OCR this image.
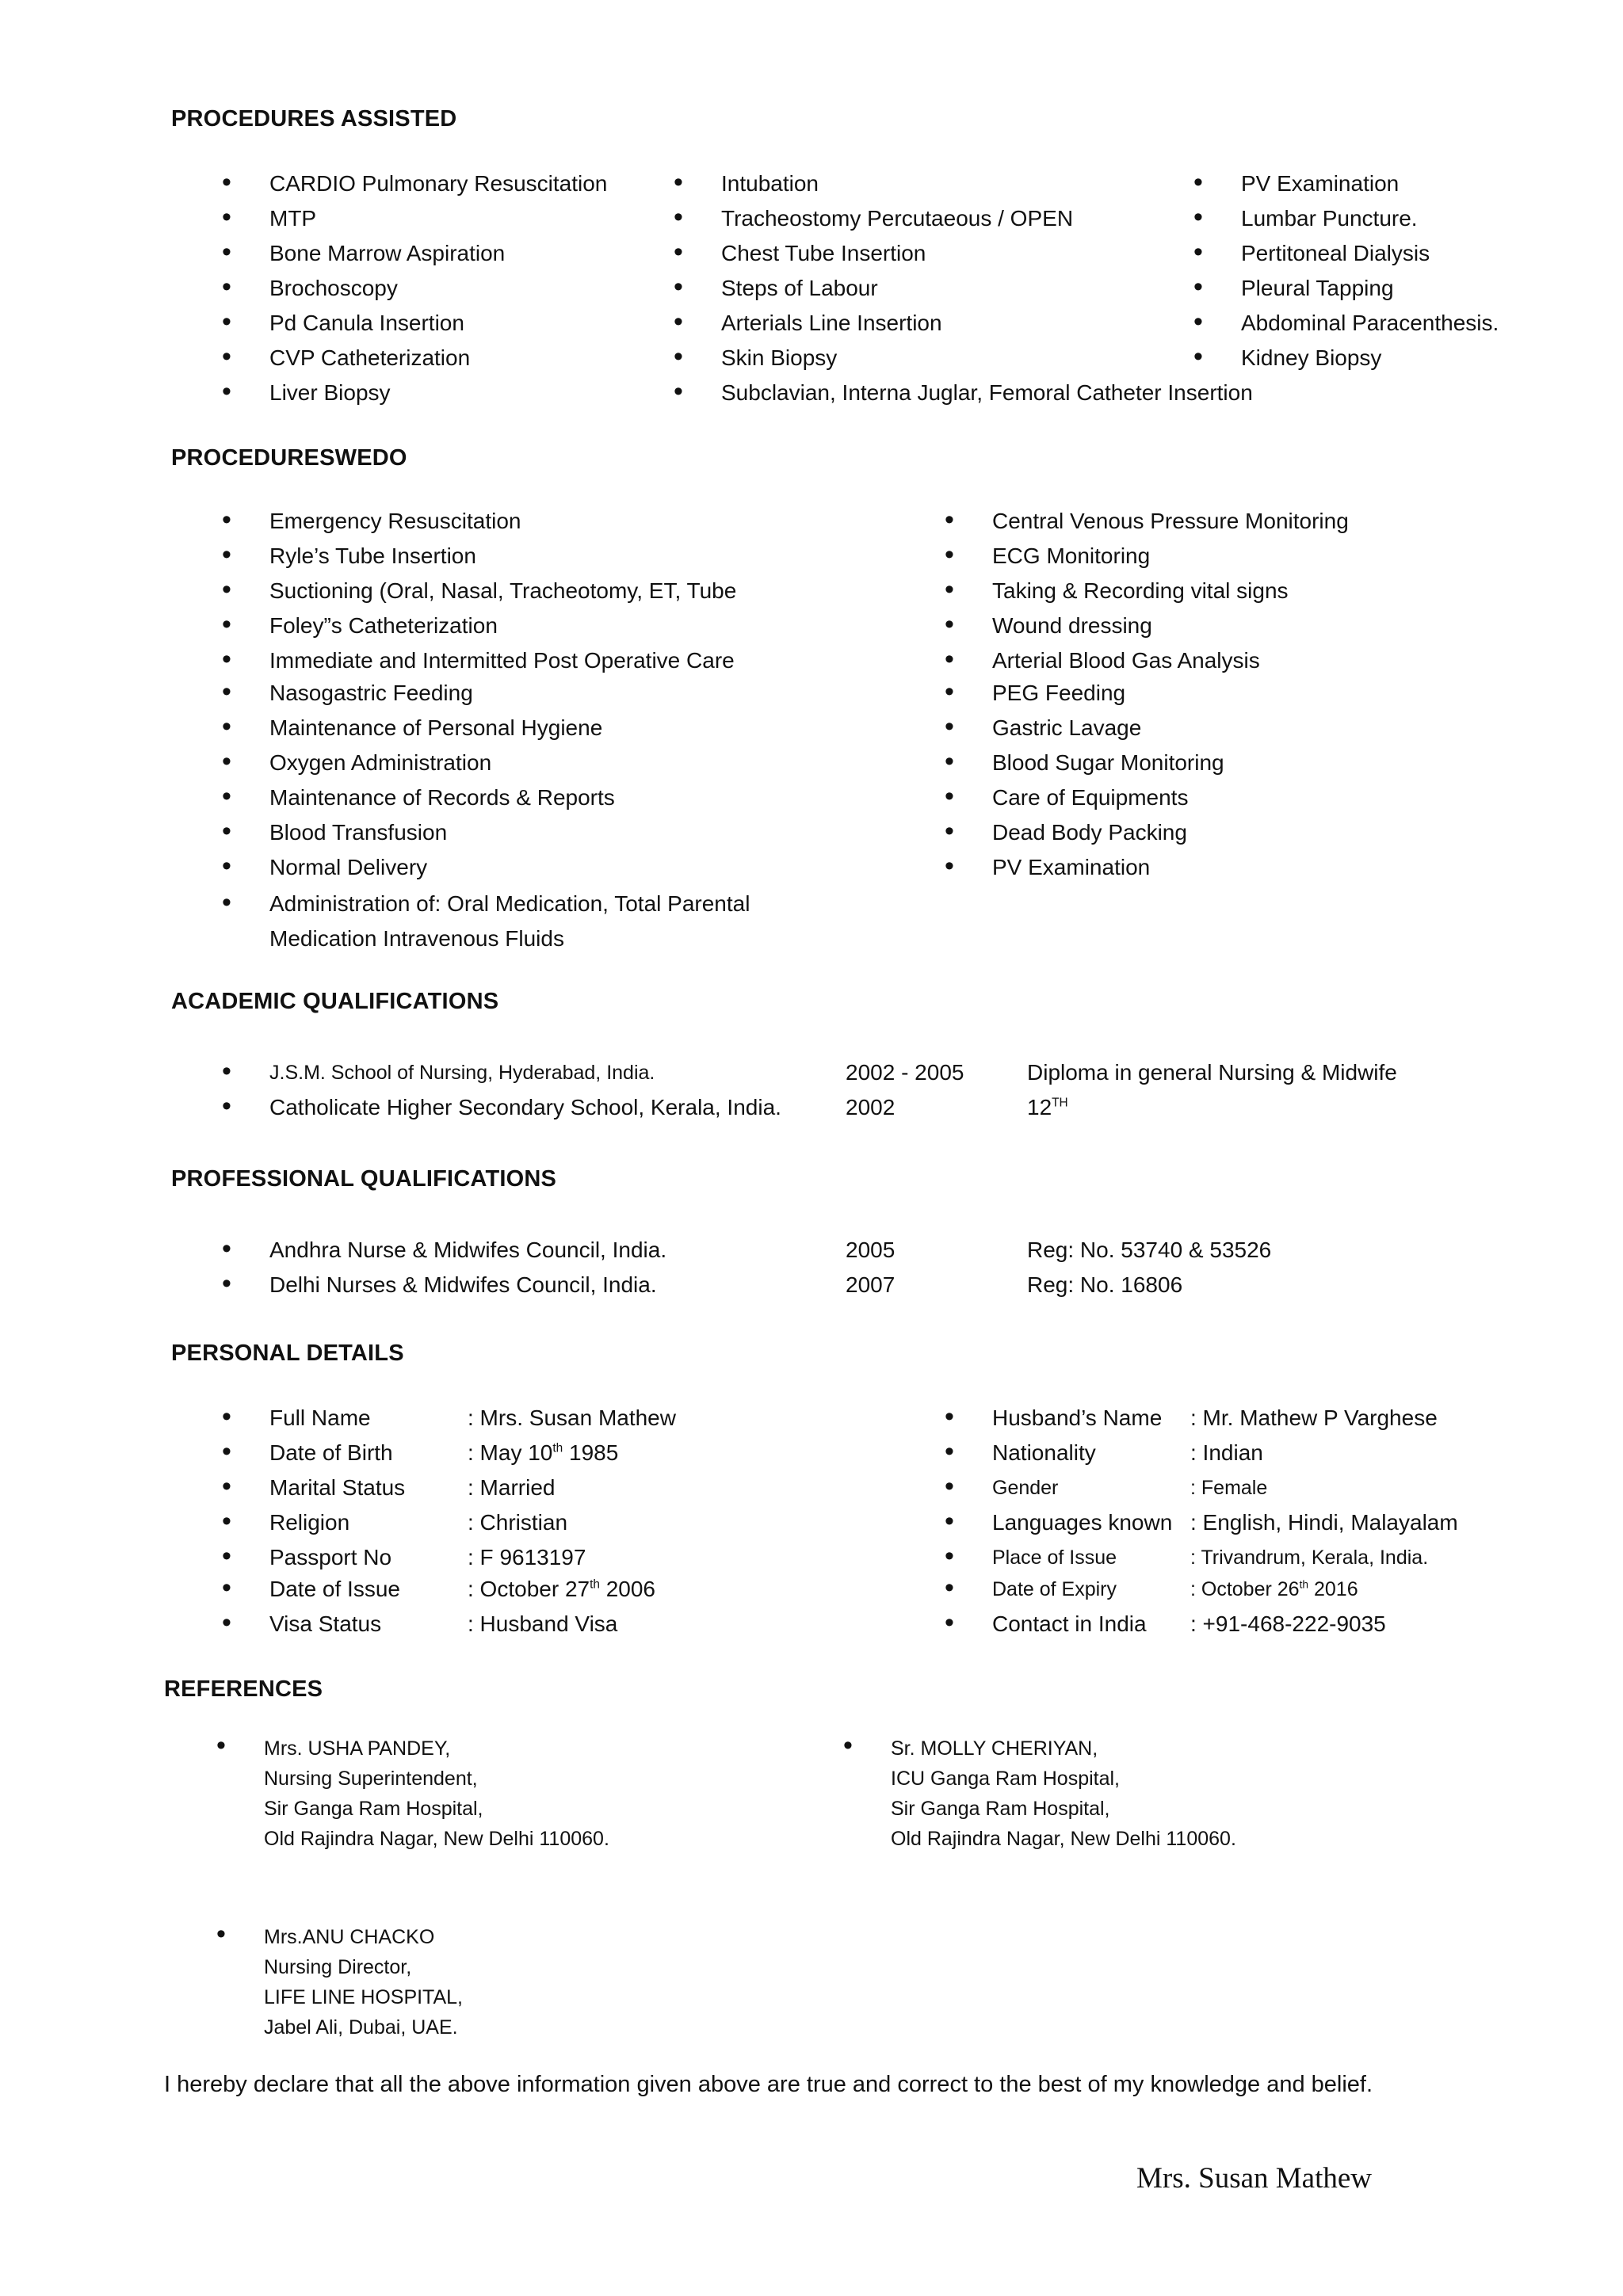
PROCEDURES ASSISTED
• CARDIO Pulmonary Resuscitation
• MTP
• Bone Marrow Aspiration
• Brochoscopy
• Pd Canula Insertion
• CVP Catheterization
• Liver Biopsy
• Intubation
• Tracheostomy Percutaeous / OPEN
• Chest Tube Insertion
• Steps of Labour
• Arterials Line Insertion
• Skin Biopsy
• Subclavian, Interna Juglar, Femoral Catheter Insertion
• PV Examination
• Lumbar Puncture.
• Pertitoneal Dialysis
• Pleural Tapping
• Abdominal Paracenthesis.
• Kidney Biopsy
PROCEDURESWEDO
• Emergency Resuscitation
• Ryle’s Tube Insertion
• Suctioning (Oral, Nasal, Tracheotomy, ET, Tube
• Foley”s Catheterization
• Immediate and Intermitted Post Operative Care
• Nasogastric Feeding
• Maintenance of Personal Hygiene
• Oxygen Administration
• Maintenance of Records & Reports
• Blood Transfusion
• Normal Delivery
• Administration of: Oral Medication, Total Parental
Medication Intravenous Fluids
• Central Venous Pressure Monitoring
• ECG Monitoring
• Taking & Recording vital signs
• Wound dressing
• Arterial Blood Gas Analysis
• PEG Feeding
• Gastric Lavage
• Blood Sugar Monitoring
• Care of Equipments
• Dead Body Packing
• PV Examination
ACADEMIC QUALIFICATIONS
• J.S.M. School of Nursing, Hyderabad, India.	2002 - 2005	Diploma in general Nursing & Midwife
• Catholicate Higher Secondary School, Kerala, India.	2002	12TH
PROFESSIONAL QUALIFICATIONS
• Andhra Nurse & Midwifes Council, India.	2005	Reg: No. 53740 & 53526
• Delhi Nurses & Midwifes Council, India.	2007	Reg: No. 16806
PERSONAL DETAILS
• Full Name	: Mrs. Susan Mathew
• Date of Birth	: May 10th 1985
• Marital Status	: Married
• Religion	: Christian
• Passport No	: F 9613197
• Date of Issue	: October 27th 2006
• Visa Status	: Husband Visa
• Husband’s Name : Mr. Mathew P Varghese
• Nationality	: Indian
• Gender	: Female
• Languages known : English, Hindi, Malayalam
• Place of Issue	: Trivandrum, Kerala, India.
• Date of Expiry	: October 26th 2016
• Contact in India : +91-468-222-9035
REFERENCES
• Mrs. USHA PANDEY,
Nursing Superintendent,
Sir Ganga Ram Hospital,
Old Rajindra Nagar, New Delhi 110060.
• Sr. MOLLY CHERIYAN,
ICU Ganga Ram Hospital,
Sir Ganga Ram Hospital,
Old Rajindra Nagar, New Delhi 110060.
• Mrs.ANU CHACKO
Nursing Director,
LIFE LINE HOSPITAL,
Jabel Ali, Dubai, UAE.
I hereby declare that all the above information given above are true and correct to the best of my knowledge and belief.
Mrs. Susan Mathew
